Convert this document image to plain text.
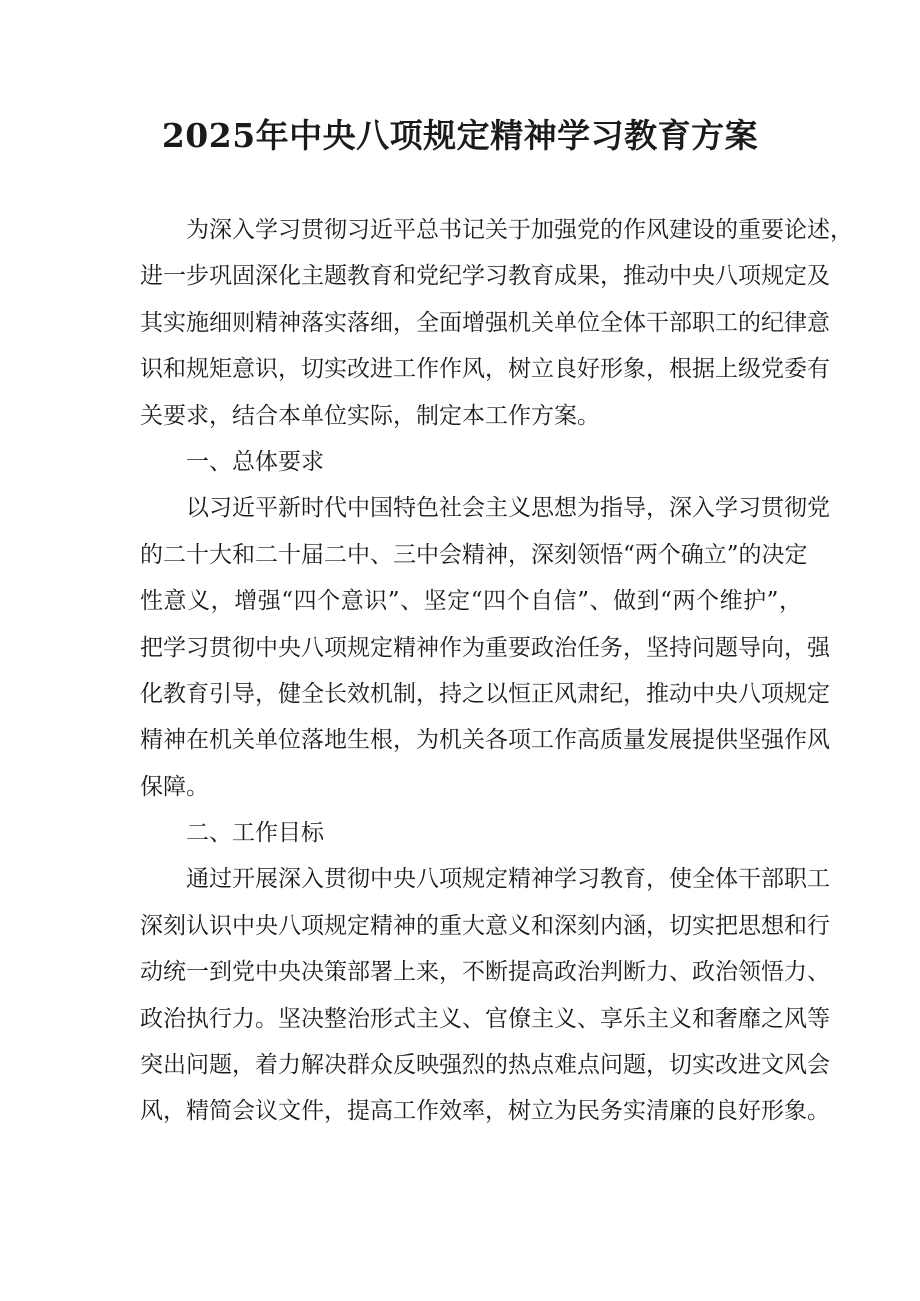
2025年中央八项规定精神学习教育方案
为深入学习贯彻习近平总书记关于加强党的作风建设的重要论述，
进一步巩固深化主题教育和党纪学习教育成果，推动中央八项规定及
其实施细则精神落实落细，全面增强机关单位全体干部职工的纪律意
识和规矩意识，切实改进工作作风，树立良好形象，根据上级党委有
关要求，结合本单位实际，制定本工作方案。
一、总体要求
以习近平新时代中国特色社会主义思想为指导，深入学习贯彻党
的二十大和二十届二中、三中会精神，深刻领悟“两个确立”的决定
性意义，增强“四个意识”、坚定“四个自信”、做到“两个维护”，
把学习贯彻中央八项规定精神作为重要政治任务，坚持问题导向，强
化教育引导，健全长效机制，持之以恒正风肃纪，推动中央八项规定
精神在机关单位落地生根，为机关各项工作高质量发展提供坚强作风
保障。
二、工作目标
通过开展深入贯彻中央八项规定精神学习教育，使全体干部职工
深刻认识中央八项规定精神的重大意义和深刻内涵，切实把思想和行
动统一到党中央决策部署上来，不断提高政治判断力、政治领悟力、
政治执行力。坚决整治形式主义、官僚主义、享乐主义和奢靡之风等
突出问题，着力解决群众反映强烈的热点难点问题，切实改进文风会
风，精简会议文件，提高工作效率，树立为民务实清廉的良好形象。
